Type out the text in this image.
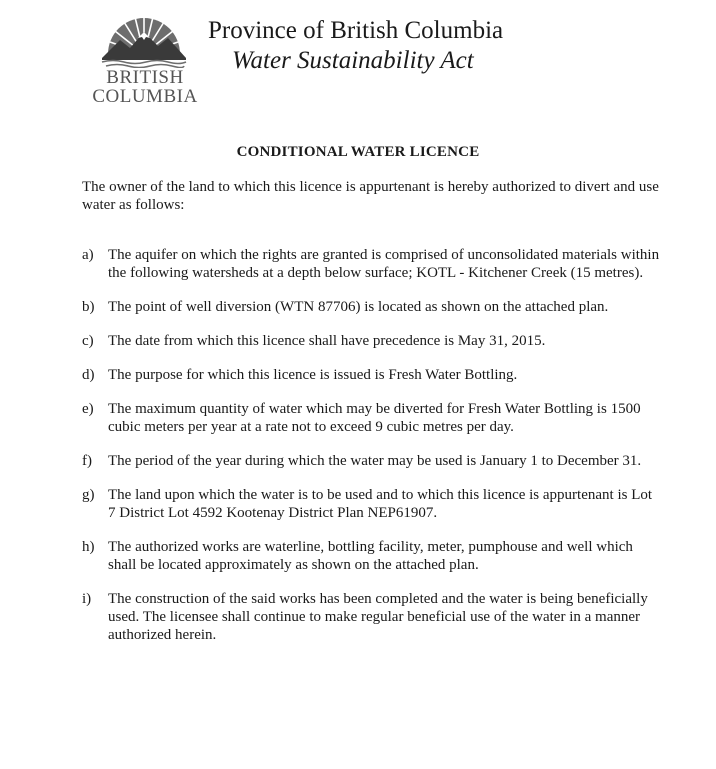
BRITISH
COLUMBIA

Province of British Columbia

Water Sustainability Act

CONDITIONAL WATER LICENCE
The owner of the land to which this licence is appurtenant is hereby authorized to divert and use water as follows:
a) The aquifer on which the rights are granted is comprised of unconsolidated materials within the following watersheds at a depth below surface; KOTL - Kitchener Creek (15 metres).
b) The point of well diversion (WTN 87706) is located as shown on the attached plan.
c) The date from which this licence shall have precedence is May 31, 2015.
d) The purpose for which this licence is issued is Fresh Water Bottling.
e) The maximum quantity of water which may be diverted for Fresh Water Bottling is 1500 cubic meters per year at a rate not to exceed 9 cubic metres per day.
f) The period of the year during which the water may be used is January 1 to December 31.
g) The land upon which the water is to be used and to which this licence is appurtenant is Lot 7 District Lot 4592 Kootenay District Plan NEP61907.
h) The authorized works are waterline, bottling facility, meter, pumphouse and well which shall be located approximately as shown on the attached plan.
i) The construction of the said works has been completed and the water is being beneficially used. The licensee shall continue to make regular beneficial use of the water in a manner authorized herein.
